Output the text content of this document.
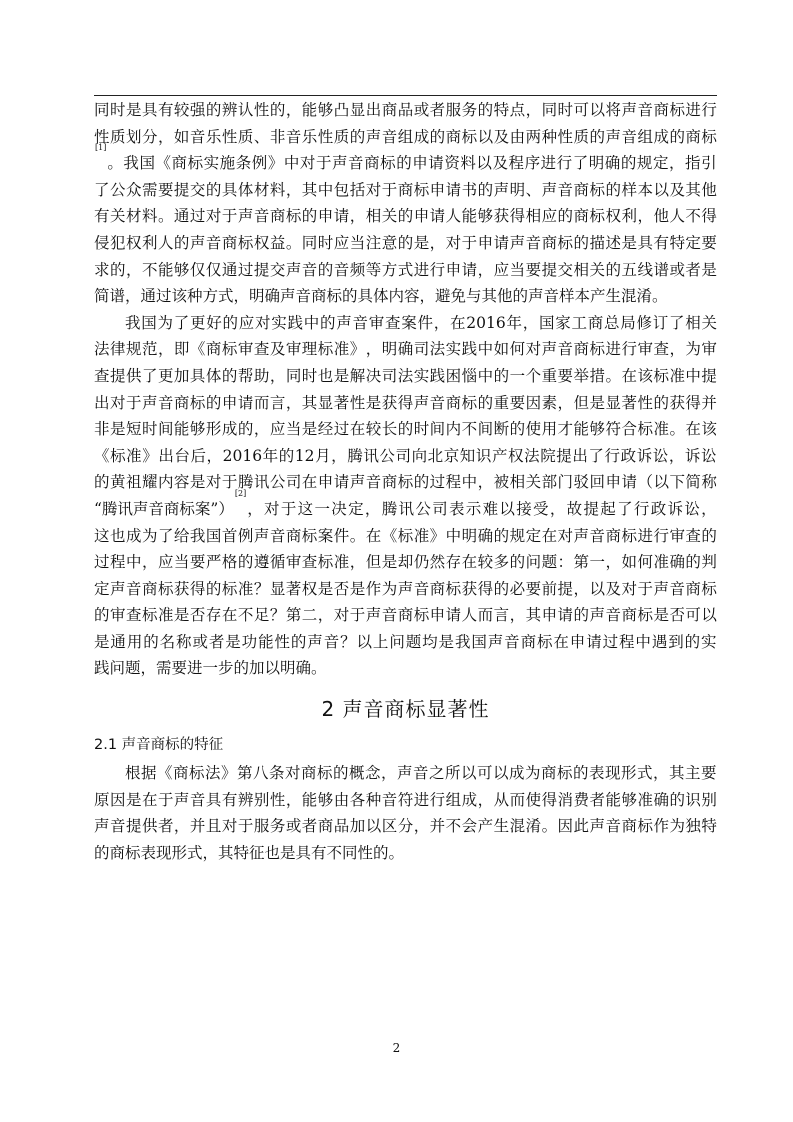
同 时 是 具 有 较 强 的 辨 认 性 的 ， 能 够 凸 显 出 商 品 或 者 服 务 的 特 点 ， 同 时 可 以 将 声 音 商 标 进 行
性 质 划 分 ， 如 音 乐 性 质 、 非 音 乐 性 质 的 声 音 组 成 的 商 标 以 及 由 两 种 性 质 的 声 音 组 成 的 商 标
[1]
。 我 国 《 商 标 实 施 条 例 》 中 对 于 声 音 商 标 的 申 请 资 料 以 及 程 序 进 行 了 明 确 的 规 定 ， 指 引
了 公 众 需 要 提 交 的 具 体 材 料 ， 其 中 包 括 对 于 商 标 申 请 书 的 声 明 、 声 音 商 标 的 样 本 以 及 其 他
有 关 材 料 。 通 过 对 于 声 音 商 标 的 申 请 ， 相 关 的 申 请 人 能 够 获 得 相 应 的 商 标 权 利 ， 他 人 不 得
侵 犯 权 利 人 的 声 音 商 标 权 益 。 同 时 应 当 注 意 的 是 ， 对 于 申 请 声 音 商 标 的 描 述 是 具 有 特 定 要
求 的 ， 不 能 够 仅 仅 通 过 提 交 声 音 的 音 频 等 方 式 进 行 申 请 ， 应 当 要 提 交 相 关 的 五 线 谱 或 者 是
简谱，通过该种方式，明确声音商标的具体内容，避免与其他的声音样本产生混淆。
我 国 为 了 更 好 的 应 对 实 践 中 的 声 音 审 查 案 件 ， 在 2016 年 ， 国 家 工 商 总 局 修 订 了 相 关
法 律 规 范 ， 即 《 商 标 审 查 及 审 理 标 准 》 ， 明 确 司 法 实 践 中 如 何 对 声 音 商 标 进 行 审 查 ， 为 审
查 提 供 了 更 加 具 体 的 帮 助 ， 同 时 也 是 解 决 司 法 实 践 困 惱 中 的 一 个 重 要 举 措 。 在 该 标 准 中 提
出 对 于 声 音 商 标 的 申 请 而 言 ， 其 显 著 性 是 获 得 声 音 商 标 的 重 要 因 素 ， 但 是 显 著 性 的 获 得 并
非 是 短 时 间 能 够 形 成 的 ， 应 当 是 经 过 在 较 长 的 时 间 内 不 间 断 的 使 用 才 能 够 符 合 标 准 。 在 该
《 标 准 》 出 台 后 ， 2016 年 的 12 月 ， 腾 讯 公 司 向 北 京 知 识 产 权 法 院 提 出 了 行 政 诉 讼 ， 诉 讼
的 黄 祖 耀 内 容 是 对 于 腾 讯 公 司 在 申 请 声 音 商 标 的 过 程 中 ， 被 相 关 部 门 驳 回 申 请 （ 以 下 简 称
“腾讯声音商标案”）
[2]
， 对 于 这 一 决 定 ， 腾 讯 公 司 表 示 难 以 接 受 ， 故 提 起 了 行 政 诉 讼 ，
这 也 成 为 了 给 我 国 首 例 声 音 商 标 案 件 。 在 《 标 准 》 中 明 确 的 规 定 在 对 声 音 商 标 进 行 审 查 的
过 程 中 ， 应 当 要 严 格 的 遵 循 审 查 标 准 ， 但 是 却 仍 然 存 在 较 多 的 问 题 ： 第 一 ， 如 何 准 确 的 判
定 声 音 商 标 获 得 的 标 准 ？ 显 著 权 是 否 是 作 为 声 音 商 标 获 得 的 必 要 前 提 ， 以 及 对 于 声 音 商 标
的 审 查 标 准 是 否 存 在 不 足 ？ 第 二 ， 对 于 声 音 商 标 申 请 人 而 言 ， 其 申 请 的 声 音 商 标 是 否 可 以
是 通 用 的 名 称 或 者 是 功 能 性 的 声 音 ？ 以 上 问 题 均 是 我 国 声 音 商 标 在 申 请 过 程 中 遇 到 的 实
践问题，需要进一步的加以明确。
2 声音商标显著性
2.1 声音商标的特征
根 据 《 商 标 法 》 第 八 条 对 商 标 的 概 念 ， 声 音 之 所 以 可 以 成 为 商 标 的 表 现 形 式 ， 其 主 要
原 因 是 在 于 声 音 具 有 辨 别 性 ， 能 够 由 各 种 音 符 进 行 组 成 ， 从 而 使 得 消 费 者 能 够 准 确 的 识 别
声 音 提 供 者 ， 并 且 对 于 服 务 或 者 商 品 加 以 区 分 ， 并 不 会 产 生 混 淆 。 因 此 声 音 商 标 作 为 独 特
的商标表现形式，其特征也是具有不同性的。
2
